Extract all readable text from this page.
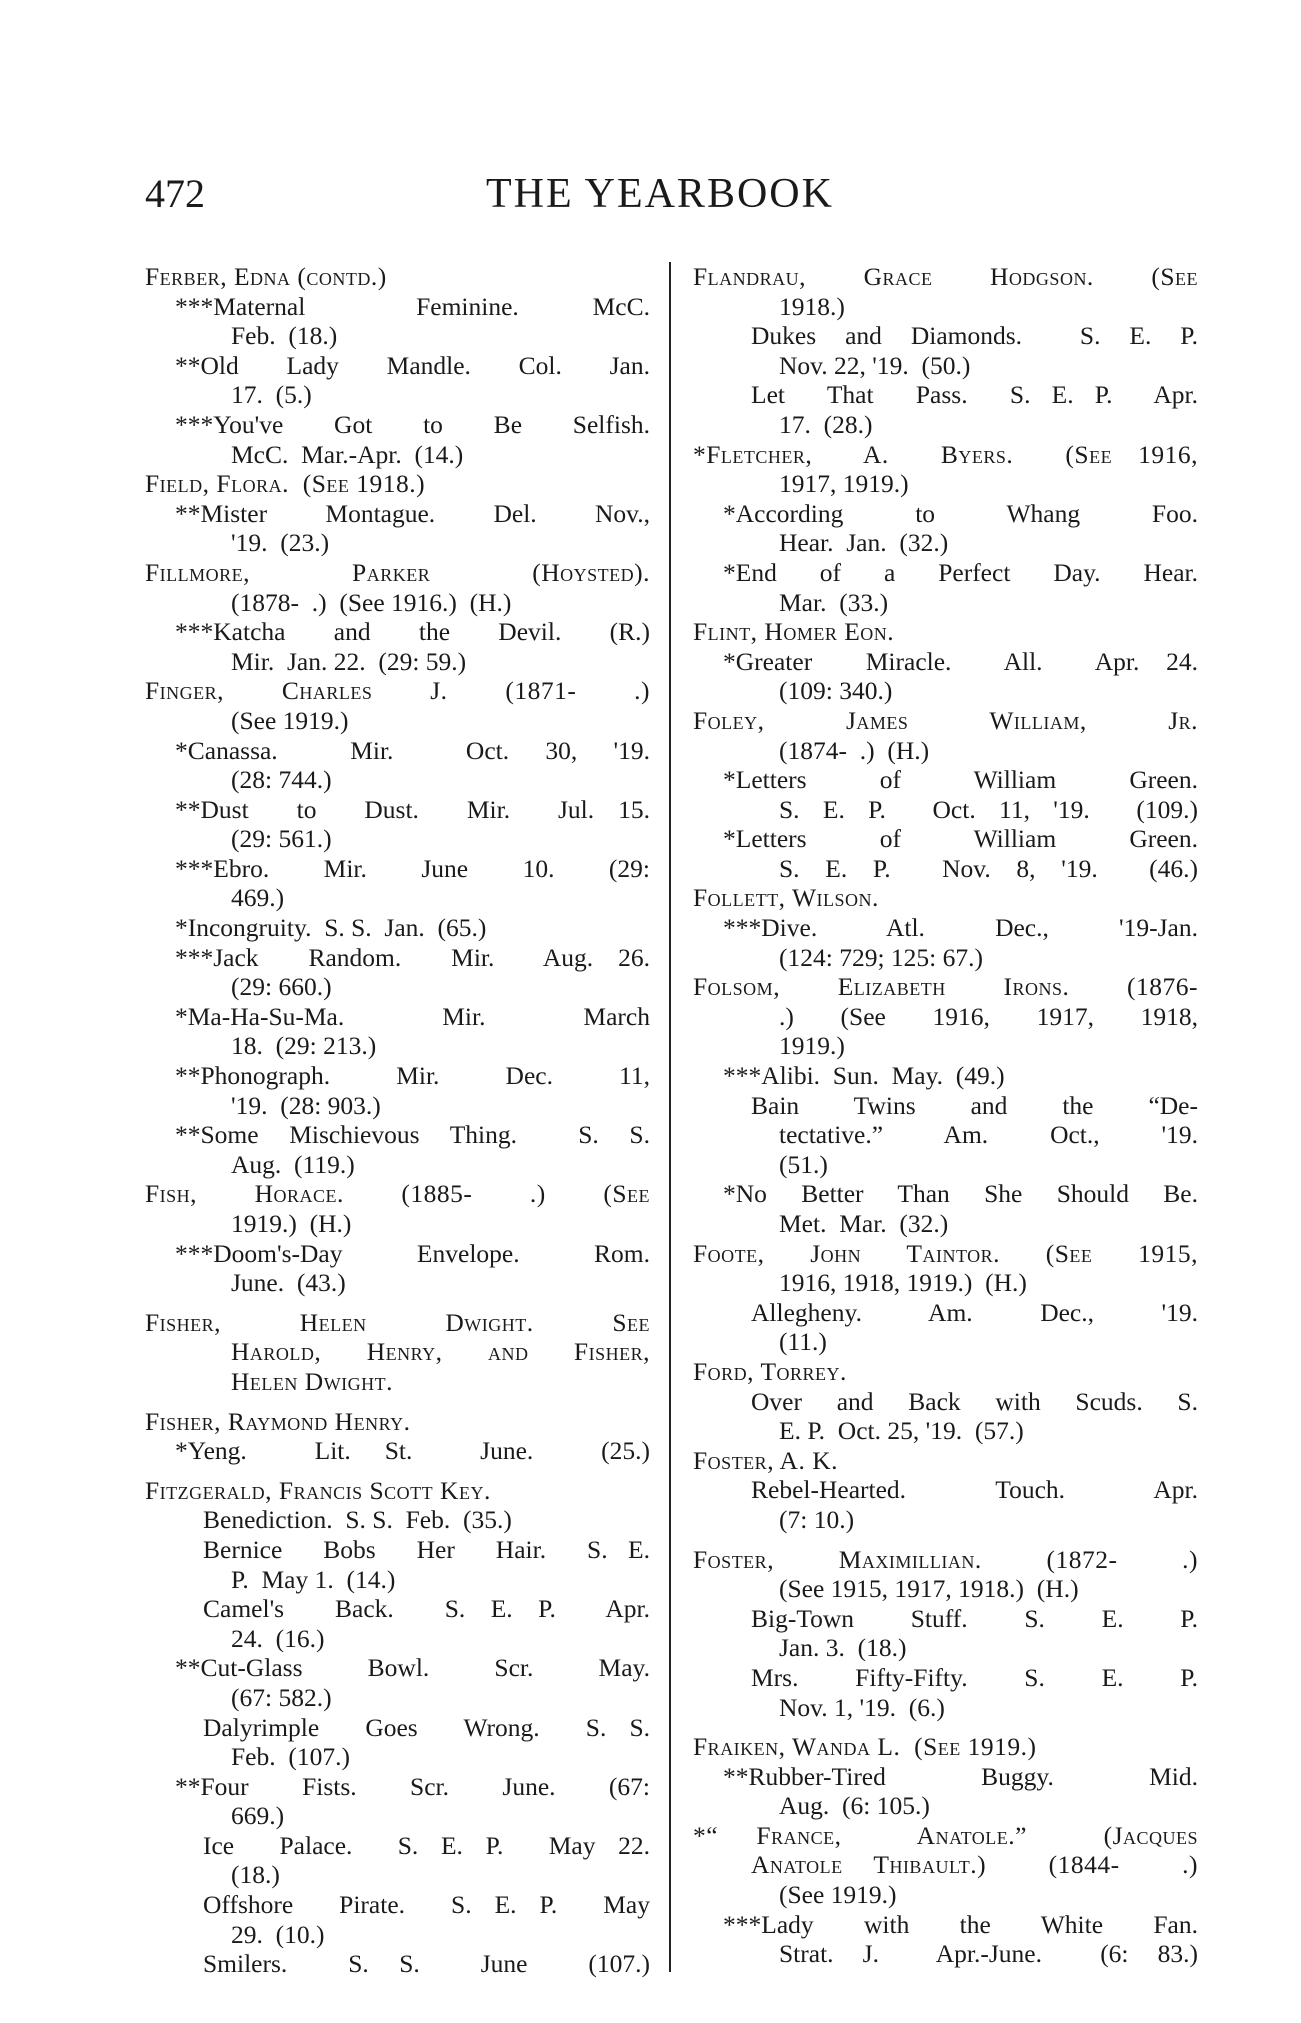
472	THE YEARBOOK
Ferber, Edna (contd.)
***Maternal   Feminine.  McC.
Feb.  (18.)
**Old  Lady  Mandle.  Col.  Jan.
17.  (5.)
***You've   Got   to   Be   Selfish.
McC.  Mar.-Apr.  (14.)
Field, Flora.  (See 1918.)
**Mister  Montague.  Del.  Nov.,
'19.  (23.)
Fillmore,   Parker   (Hoysted).
(1878-  .)  (See 1916.)  (H.)
***Katcha  and  the  Devil.  (R.)
Mir.  Jan. 22.  (29: 59.)
Finger,  Charles  J.  (1871-  .)
(See 1919.)
*Canassa.  Mir.  Oct. 30, '19.
(28: 744.)
**Dust  to  Dust.  Mir.  Jul. 15.
(29: 561.)
***Ebro.  Mir.  June  10.  (29:
469.)
*Incongruity.  S. S.  Jan.  (65.)
***Jack  Random.  Mir.  Aug. 26.
(29: 660.)
*Ma-Ha-Su-Ma.  Mir.  March
18.  (29: 213.)
**Phonograph.  Mir.  Dec.  11,
'19.  (28: 903.)
**Some Mischievous Thing.  S. S.
Aug.  (119.)
Fish,  Horace.  (1885-  .)  (See
1919.)  (H.)
***Doom's-Day  Envelope.  Rom.
June.  (43.)
Fisher,  Helen  Dwight.  See
Harold, Henry, and Fisher,
Helen Dwight.
Fisher, Raymond Henry.
*Yeng.  Lit. St.  June.  (25.)
Fitzgerald, Francis Scott Key.
Benediction.  S. S.  Feb.  (35.)
Bernice  Bobs  Her  Hair.  S. E.
P.  May 1.  (14.)
Camel's  Back.  S. E. P.  Apr.
24.  (16.)
**Cut-Glass  Bowl.  Scr.  May.
(67: 582.)
Dalyrimple  Goes  Wrong.  S. S.
Feb.  (107.)
**Four  Fists.  Scr.  June.  (67:
669.)
Ice  Palace.  S. E. P.  May 22.
(18.)
Offshore  Pirate.  S. E. P.  May
29.  (10.)
Smilers.  S. S.  June  (107.)
Flandrau,  Grace  Hodgson.  (See
1918.)
Dukes and Diamonds.  S. E. P.
Nov. 22, '19.  (50.)
Let  That  Pass.  S. E. P.  Apr.
17.  (28.)
*Fletcher,  A.  Byers.  (See 1916,
1917, 1919.)
*According  to  Whang  Foo.
Hear.  Jan.  (32.)
*End  of  a  Perfect  Day.  Hear.
Mar.  (33.)
Flint, Homer Eon.
*Greater  Miracle.  All.  Apr. 24.
(109: 340.)
Foley,  James  William,  Jr.
(1874-  .)  (H.)
*Letters  of  William  Green.
S. E. P.  Oct. 11, '19.  (109.)
*Letters  of  William  Green.
S. E. P.  Nov. 8, '19.  (46.)
Follett, Wilson.
***Dive.  Atl.  Dec.,  '19-Jan.
(124: 729; 125: 67.)
Folsom,  Elizabeth  Irons.  (1876-
.)  (See  1916,  1917,  1918,
1919.)
***Alibi.  Sun.  May.  (49.)
Bain  Twins  and  the  “De-
tectative.”  Am.  Oct.,  '19.
(51.)
*No Better Than She Should Be.
Met.  Mar.  (32.)
Foote,  John  Taintor.  (See  1915,
1916, 1918, 1919.)  (H.)
Allegheny.  Am.  Dec.,  '19.
(11.)
Ford, Torrey.
Over  and  Back  with  Scuds.  S.
E. P.  Oct. 25, '19.  (57.)
Foster, A. K.
Rebel-Hearted.  Touch.  Apr.
(7: 10.)
Foster,  Maximillian.  (1872-  .)
(See 1915, 1917, 1918.)  (H.)
Big-Town  Stuff.  S.  E.  P.
Jan. 3.  (18.)
Mrs.  Fifty-Fifty.  S.  E.  P.
Nov. 1, '19.  (6.)
Fraiken, Wanda L.  (See 1919.)
**Rubber-Tired  Buggy.  Mid.
Aug.  (6: 105.)
*“ France,  Anatole.”  (Jacques
Anatole Thibault.)  (1844-  .)
(See 1919.)
***Lady  with  the  White  Fan.
Strat. J.  Apr.-June.  (6: 83.)
